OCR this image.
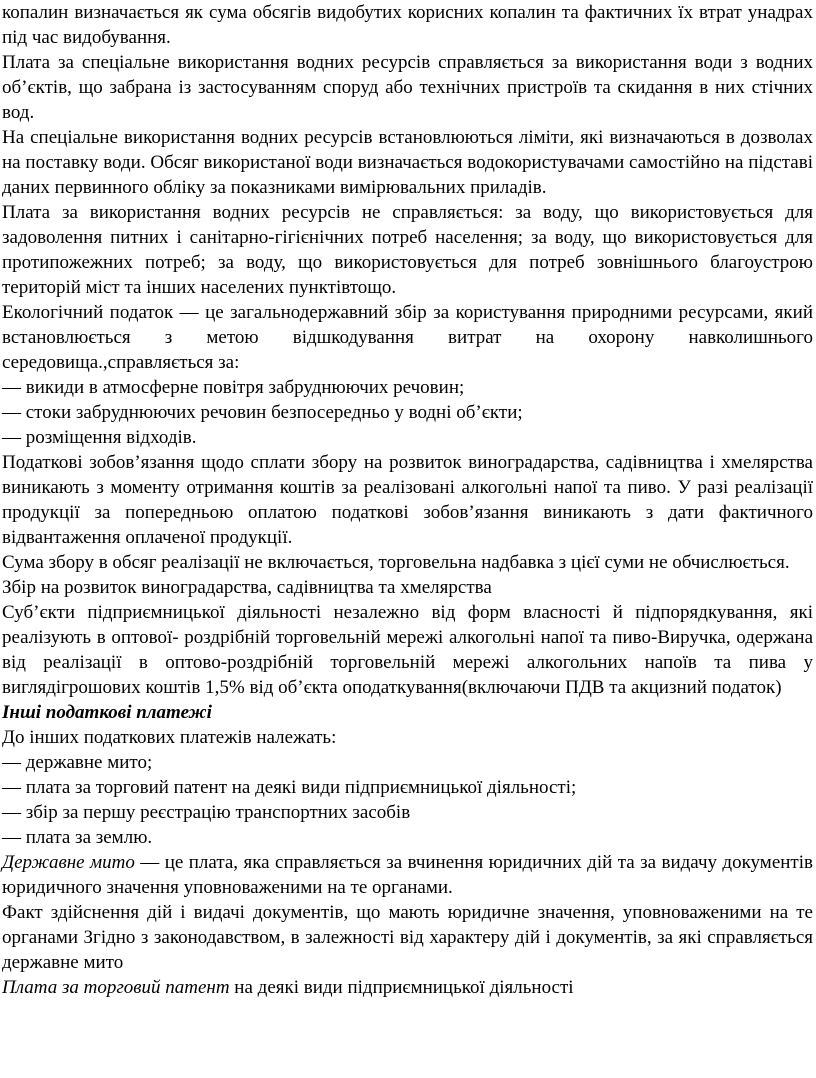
копалин визначається як сума обсягів видобутих корисних копалин та фактичних їх втрат унадрах під час видобування.

Плата за спеціальне використання водних ресурсів справляється за використання води з водних об’єктів, що забрана із застосуванням споруд або технічних пристроїв та скидання в них стічних вод.

На спеціальне використання водних ресурсів встановлюються ліміти, які визначаються в дозволах на поставку води. Обсяг використаної води визначається водокористувачами самостійно на підставі даних первинного обліку за показниками вимірювальних приладів.

Плата за використання водних ресурсів не справляється: за воду, що використовується для задоволення питних і санітарно-гігієнічних потреб населення; за воду, що використовується для протипожежних потреб; за воду, що використовується для потреб зовнішнього благоустрою територій міст та інших населених пунктівтощо.

Екологічний податок — це загальнодержавний збір за користування природними ресурсами, який встановлюється з метою відшкодування витрат на охорону навколишнього середовища.,справляється за:

— викиди в атмосферне повітря забруднюючих речовин;

— стоки забруднюючих речовин безпосередньо у водні об’єкти;

— розміщення відходів.

Податкові зобов’язання щодо сплати збору на розвиток виноградарства, садівництва і хмелярства виникають з моменту отримання коштів за реалізовані алкогольні напої та пиво. У разі реалізації продукції за попередньою оплатою податкові зобов’язання виникають з дати фактичного відвантаження оплаченої продукції.

Сума збору в обсяг реалізації не включається, торговельна надбавка з цієї суми не обчислюється.

Збір на розвиток виноградарства, садівництва та хмелярства

Суб’єкти підприємницької діяльності незалежно від форм власності й підпорядкування, які реалізують в оптової- роздрібній торговельній мережі алкогольні напої та пиво-Виручка, одержана від реалізації в оптово-роздрібній торговельній мережі алкогольних напоїв та пива у виглядігрошових коштів 1,5% від об’єкта оподаткування(включаючи ПДВ та акцизний податок)

Інші податкові платежі

До інших податкових платежів належать:

— державне мито;

— плата за торговий патент на деякі види підприємницької діяльності;

— збір за першу реєстрацію транспортних засобів

— плата за землю.

Державне мито — це плата, яка справляється за вчинення юридичних дій та за видачу документів юридичного значення уповноваженими на те органами.

Факт здійснення дій і видачі документів, що мають юридичне значення, уповноваженими на те органами Згідно з законодавством, в залежності від характеру дій і документів, за які справляється державне мито

Плата за торговий патент на деякі види підприємницької діяльності
